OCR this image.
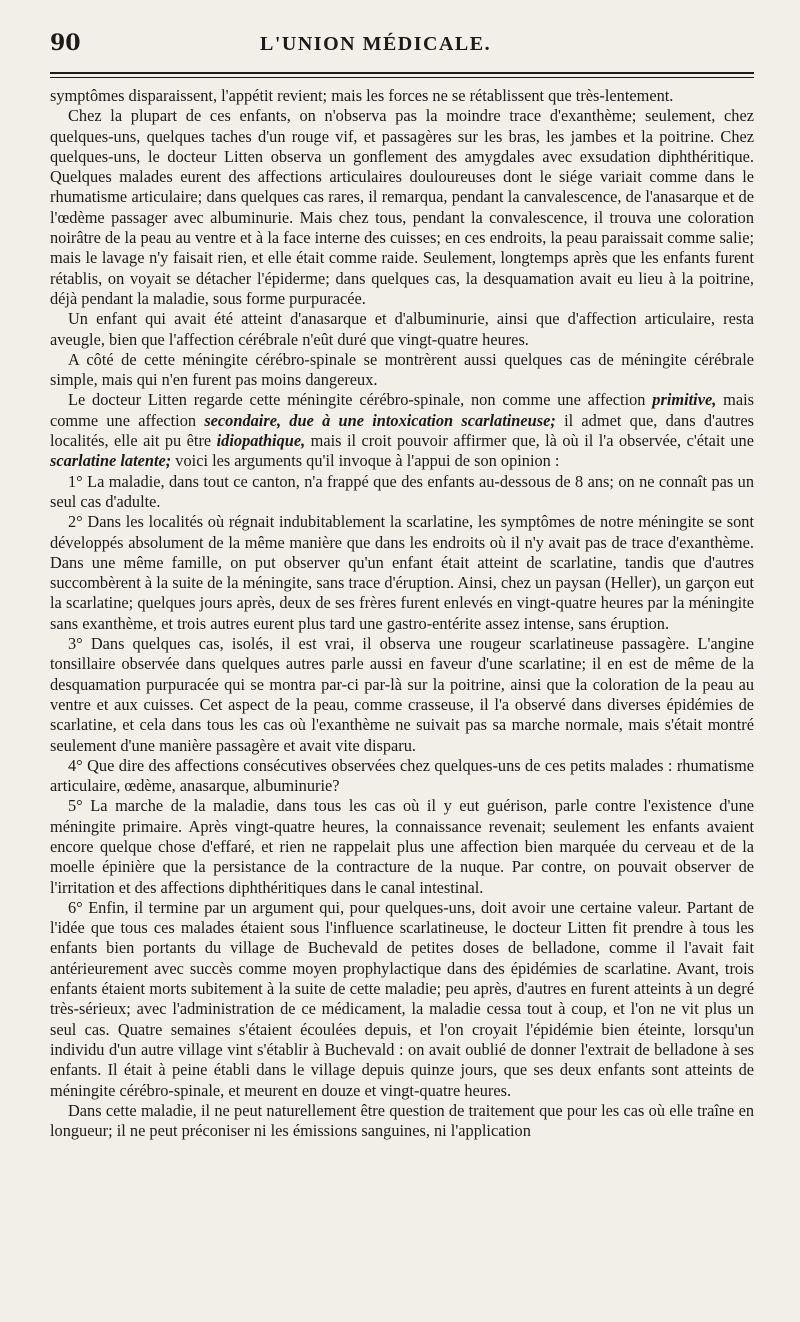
90	L'UNION MÉDICALE.

symptômes disparaissent, l'appétit revient; mais les forces ne se rétablissent que très-lentement.

Chez la plupart de ces enfants, on n'observa pas la moindre trace d'exanthème; seulement, chez quelques-uns, quelques taches d'un rouge vif, et passagères sur les bras, les jambes et la poitrine. Chez quelques-uns, le docteur Litten observa un gonflement des amygdales avec exsudation diphthéritique. Quelques malades eurent des affections articulaires douloureuses dont le siége variait comme dans le rhumatisme articulaire; dans quelques cas rares, il remarqua, pendant la canvalescence, de l'anasarque et de l'œdème passager avec albuminurie. Mais chez tous, pendant la convalescence, il trouva une coloration noirâtre de la peau au ventre et à la face interne des cuisses; en ces endroits, la peau paraissait comme salie; mais le lavage n'y faisait rien, et elle était comme raide. Seulement, longtemps après que les enfants furent rétablis, on voyait se détacher l'épiderme; dans quelques cas, la desquamation avait eu lieu à la poitrine, déjà pendant la maladie, sous forme purpuracée.

Un enfant qui avait été atteint d'anasarque et d'albuminurie, ainsi que d'affection articulaire, resta aveugle, bien que l'affection cérébrale n'eût duré que vingt-quatre heures.

A côté de cette méningite cérébro-spinale se montrèrent aussi quelques cas de méningite cérébrale simple, mais qui n'en furent pas moins dangereux.

Le docteur Litten regarde cette méningite cérébro-spinale, non comme une affection primitive, mais comme une affection secondaire, due à une intoxication scarlatineuse; il admet que, dans d'autres localités, elle ait pu être idiopathique, mais il croit pouvoir affirmer que, là où il l'a observée, c'était une scarlatine latente; voici les arguments qu'il invoque à l'appui de son opinion :

1° La maladie, dans tout ce canton, n'a frappé que des enfants au-dessous de 8 ans; on ne connaît pas un seul cas d'adulte.

2° Dans les localités où régnait indubitablement la scarlatine, les symptômes de notre méningite se sont développés absolument de la même manière que dans les endroits où il n'y avait pas de trace d'exanthème. Dans une même famille, on put observer qu'un enfant était atteint de scarlatine, tandis que d'autres succombèrent à la suite de la méningite, sans trace d'éruption. Ainsi, chez un paysan (Heller), un garçon eut la scarlatine; quelques jours après, deux de ses frères furent enlevés en vingt-quatre heures par la méningite sans exanthème, et trois autres eurent plus tard une gastro-entérite assez intense, sans éruption.

3° Dans quelques cas, isolés, il est vrai, il observa une rougeur scarlatineuse passagère. L'angine tonsillaire observée dans quelques autres parle aussi en faveur d'une scarlatine; il en est de même de la desquamation purpuracée qui se montra par-ci par-là sur la poitrine, ainsi que la coloration de la peau au ventre et aux cuisses. Cet aspect de la peau, comme crasseuse, il l'a observé dans diverses épidémies de scarlatine, et cela dans tous les cas où l'exanthème ne suivait pas sa marche normale, mais s'était montré seulement d'une manière passagère et avait vite disparu.

4° Que dire des affections consécutives observées chez quelques-uns de ces petits malades : rhumatisme articulaire, œdème, anasarque, albuminurie?

5° La marche de la maladie, dans tous les cas où il y eut guérison, parle contre l'existence d'une méningite primaire. Après vingt-quatre heures, la connaissance revenait; seulement les enfants avaient encore quelque chose d'effaré, et rien ne rappelait plus une affection bien marquée du cerveau et de la moelle épinière que la persistance de la contracture de la nuque. Par contre, on pouvait observer de l'irritation et des affections diphthéritiques dans le canal intestinal.

6° Enfin, il termine par un argument qui, pour quelques-uns, doit avoir une certaine valeur. Partant de l'idée que tous ces malades étaient sous l'influence scarlatineuse, le docteur Litten fit prendre à tous les enfants bien portants du village de Buchevald de petites doses de belladone, comme il l'avait fait antérieurement avec succès comme moyen prophylactique dans des épidémies de scarlatine. Avant, trois enfants étaient morts subitement à la suite de cette maladie; peu après, d'autres en furent atteints à un degré très-sérieux; avec l'administration de ce médicament, la maladie cessa tout à coup, et l'on ne vit plus un seul cas. Quatre semaines s'étaient écoulées depuis, et l'on croyait l'épidémie bien éteinte, lorsqu'un individu d'un autre village vint s'établir à Buchevald : on avait oublié de donner l'extrait de belladone à ses enfants. Il était à peine établi dans le village depuis quinze jours, que ses deux enfants sont atteints de méningite cérébro-spinale, et meurent en douze et vingt-quatre heures.

Dans cette maladie, il ne peut naturellement être question de traitement que pour les cas où elle traîne en longueur; il ne peut préconiser ni les émissions sanguines, ni l'application
